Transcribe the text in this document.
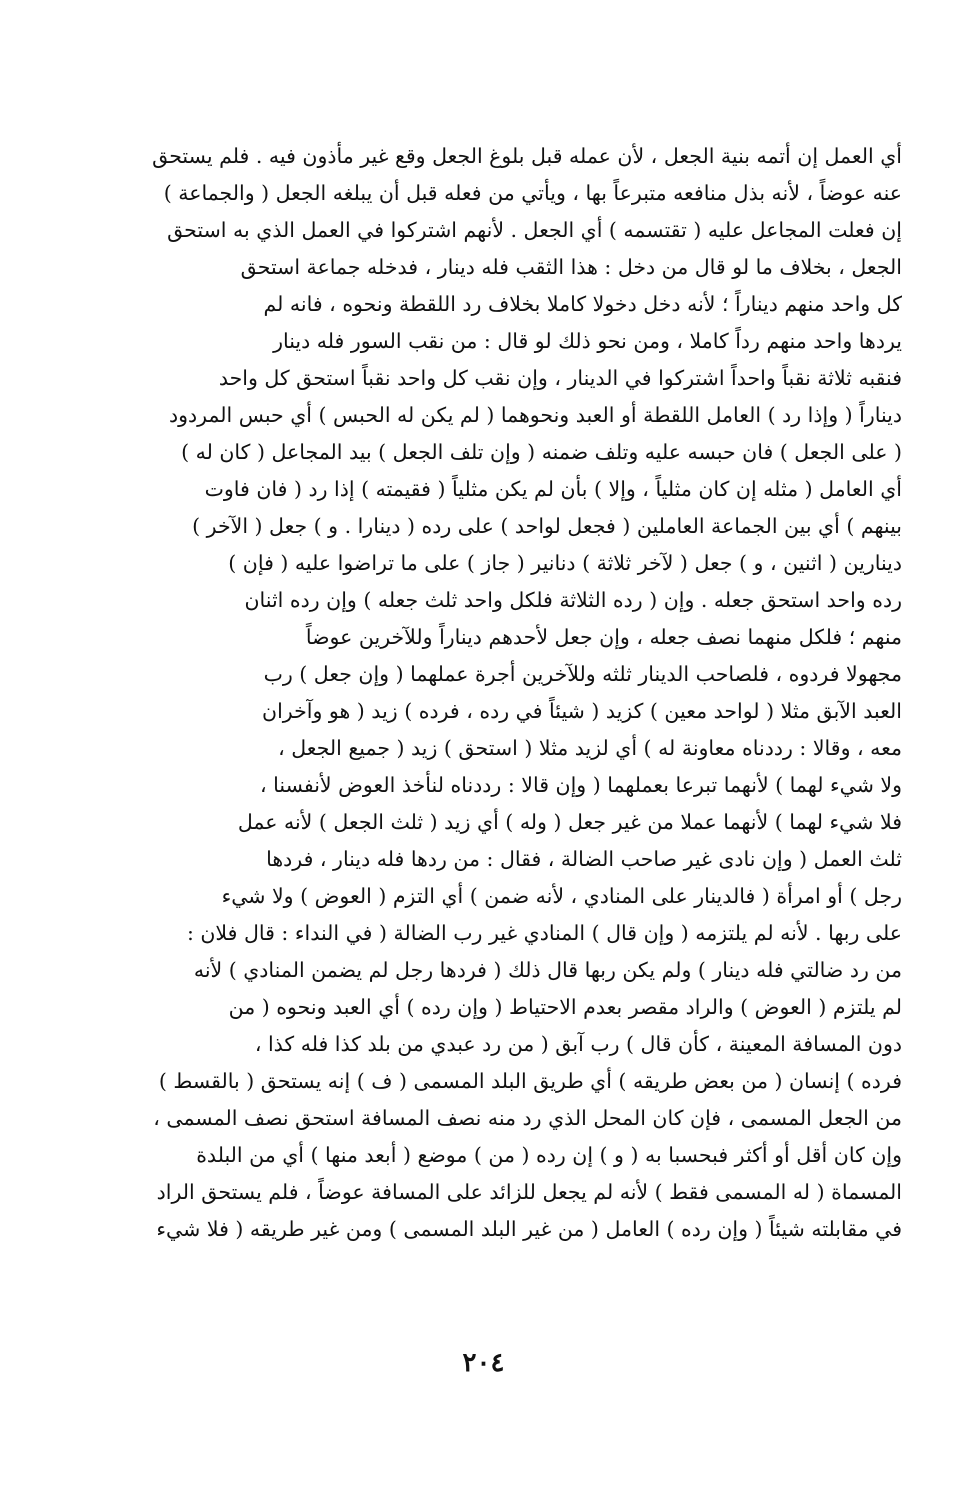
أي العمل إن أتمه بنية الجعل ، لأن عمله قبل بلوغ الجعل وقع غير مأذون فيه . فلم يستحق
عنه عوضاً ، لأنه بذل منافعه متبرعاً بها ، ويأتي من فعله قبل أن يبلغه الجعل ( والجماعة )
إن فعلت المجاعل عليه ( تقتسمه ) أي الجعل . لأنهم اشتركوا في العمل الذي به استحق
الجعل ، بخلاف ما لو قال من دخل : هذا الثقب فله دينار ، فدخله جماعة استحق
كل واحد منهم ديناراً ؛ لأنه دخل دخولا كاملا بخلاف رد اللقطة ونحوه ، فانه لم
يردها واحد منهم رداً كاملا ، ومن نحو ذلك لو قال : من نقب السور فله دينار
فنقبه ثلاثة نقباً واحداً اشتركوا في الدينار ، وإن نقب كل واحد نقباً استحق كل واحد
ديناراً ( وإذا رد ) العامل اللقطة أو العبد ونحوهما ( لم يكن له الحبس ) أي حبس المردود
( على الجعل ) فان حبسه عليه وتلف ضمنه ( وإن تلف الجعل ) بيد المجاعل ( كان له )
أي العامل ( مثله إن كان مثلياً ، وإلا ) بأن لم يكن مثلياً ( فقيمته ) إذا رد ( فان فاوت
بينهم ) أي بين الجماعة العاملين ( فجعل لواحد ) على رده ( دينارا . و ) جعل ( الآخر )
دينارين ( اثنين ، و ) جعل ( لآخر ثلاثة ) دنانير ( جاز ) على ما تراضوا عليه ( فإن )
رده واحد استحق جعله . وإن ( رده الثلاثة فلكل واحد ثلث جعله ) وإن رده اثنان
منهم ؛ فلكل منهما نصف جعله ، وإن جعل لأحدهم ديناراً وللآخرين عوضاً
مجهولا فردوه ، فلصاحب الدينار ثلثه وللآخرين أجرة عملهما ( وإن جعل ) رب
العبد الآبق مثلا ( لواحد معين ) كزيد ( شيئاً في رده ، فرده ) زيد ( هو وآخران
معه ، وقالا : رددناه معاونة له ) أي لزيد مثلا ( استحق ) زيد ( جميع الجعل ،
ولا شيء لهما ) لأنهما تبرعا بعملهما ( وإن قالا : رددناه لنأخذ العوض لأنفسنا ،
فلا شيء لهما ) لأنهما عملا من غير جعل ( وله ) أي زيد ( ثلث الجعل ) لأنه عمل
ثلث العمل ( وإن نادى غير صاحب الضالة ، فقال : من ردها فله دينار ، فردها
رجل ) أو امرأة ( فالدينار على المنادي ، لأنه ضمن ) أي التزم ( العوض ) ولا شيء
على ربها . لأنه لم يلتزمه ( وإن قال ) المنادي غير رب الضالة ( في النداء : قال فلان :
من رد ضالتي فله دينار ) ولم يكن ربها قال ذلك ( فردها رجل لم يضمن المنادي ) لأنه
لم يلتزم ( العوض ) والراد مقصر بعدم الاحتياط ( وإن رده ) أي العبد ونحوه ( من
دون المسافة المعينة ، كأن قال ) رب آبق ( من رد عبدي من بلد كذا فله كذا ،
فرده ) إنسان ( من بعض طريقه ) أي طريق البلد المسمى ( ف ) إنه يستحق ( بالقسط )
من الجعل المسمى ، فإن كان المحل الذي رد منه نصف المسافة استحق نصف المسمى ،
وإن كان أقل أو أكثر فبحسبا به ( و ) إن رده ( من ) موضع ( أبعد منها ) أي من البلدة
المسماة ( له المسمى فقط ) لأنه لم يجعل للزائد على المسافة عوضاً ، فلم يستحق الراد
في مقابلته شيئاً ( وإن رده ) العامل ( من غير البلد المسمى ) ومن غير طريقه ( فلا شيء
٢٠٤
